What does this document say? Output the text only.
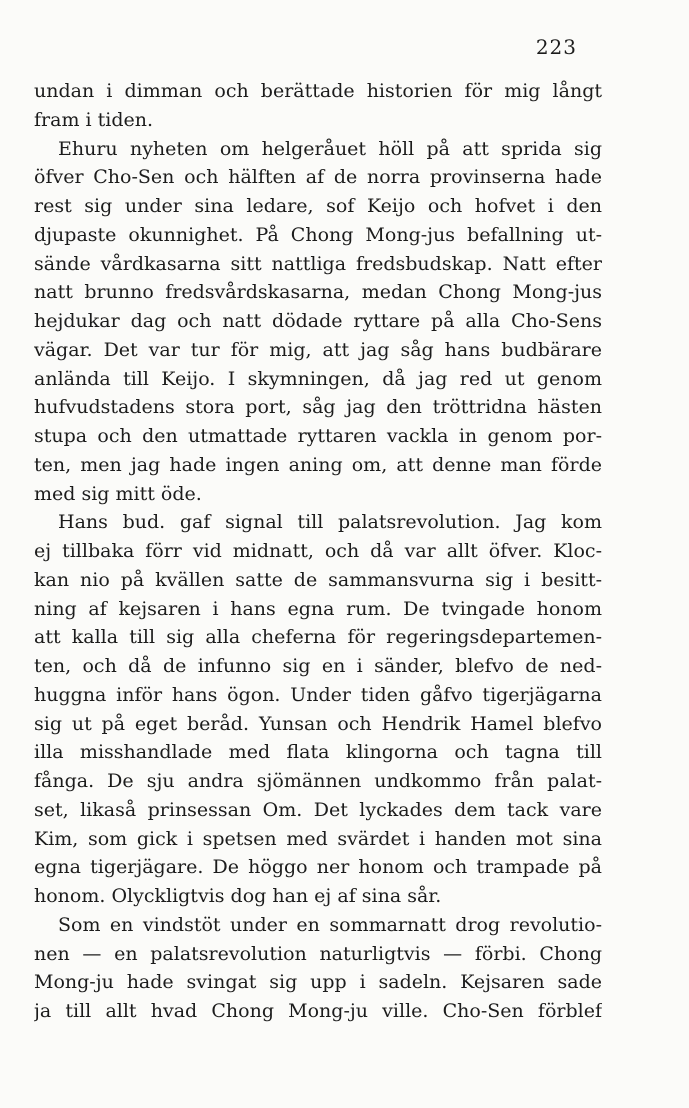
223
undan i dimman och berättade historien för mig långt
fram i tiden.
Ehuru nyheten om helgeråuet höll på att sprida sig
öfver Cho-Sen och hälften af de norra provinserna hade
rest sig under sina ledare, sof Keijo och hofvet i den
djupaste okunnighet. På Chong Mong-jus befallning ut-
sände vårdkasarna sitt nattliga fredsbudskap. Natt efter
natt brunno fredsvårdskasarna, medan Chong Mong-jus
hejdukar dag och natt dödade ryttare på alla Cho-Sens
vägar. Det var tur för mig, att jag såg hans budbärare
anlända till Keijo. I skymningen, då jag red ut genom
hufvudstadens stora port, såg jag den tröttridna hästen
stupa och den utmattade ryttaren vackla in genom por-
ten, men jag hade ingen aning om, att denne man förde
med sig mitt öde.
Hans bud. gaf signal till palatsrevolution. Jag kom
ej tillbaka förr vid midnatt, och då var allt öfver. Kloc-
kan nio på kvällen satte de sammansvurna sig i besitt-
ning af kejsaren i hans egna rum. De tvingade honom
att kalla till sig alla cheferna för regeringsdepartemen-
ten, och då de infunno sig en i sänder, blefvo de ned-
huggna inför hans ögon. Under tiden gåfvo tigerjägarna
sig ut på eget beråd. Yunsan och Hendrik Hamel blefvo
illa misshandlade med flata klingorna och tagna till
fånga. De sju andra sjömännen undkommo från palat-
set, likaså prinsessan Om. Det lyckades dem tack vare
Kim, som gick i spetsen med svärdet i handen mot sina
egna tigerjägare. De höggo ner honom och trampade på
honom. Olyckligtvis dog han ej af sina sår.
Som en vindstöt under en sommarnatt drog revolutio-
nen — en palatsrevolution naturligtvis — förbi. Chong
Mong-ju hade svingat sig upp i sadeln. Kejsaren sade
ja till allt hvad Chong Mong-ju ville. Cho-Sen förblef
